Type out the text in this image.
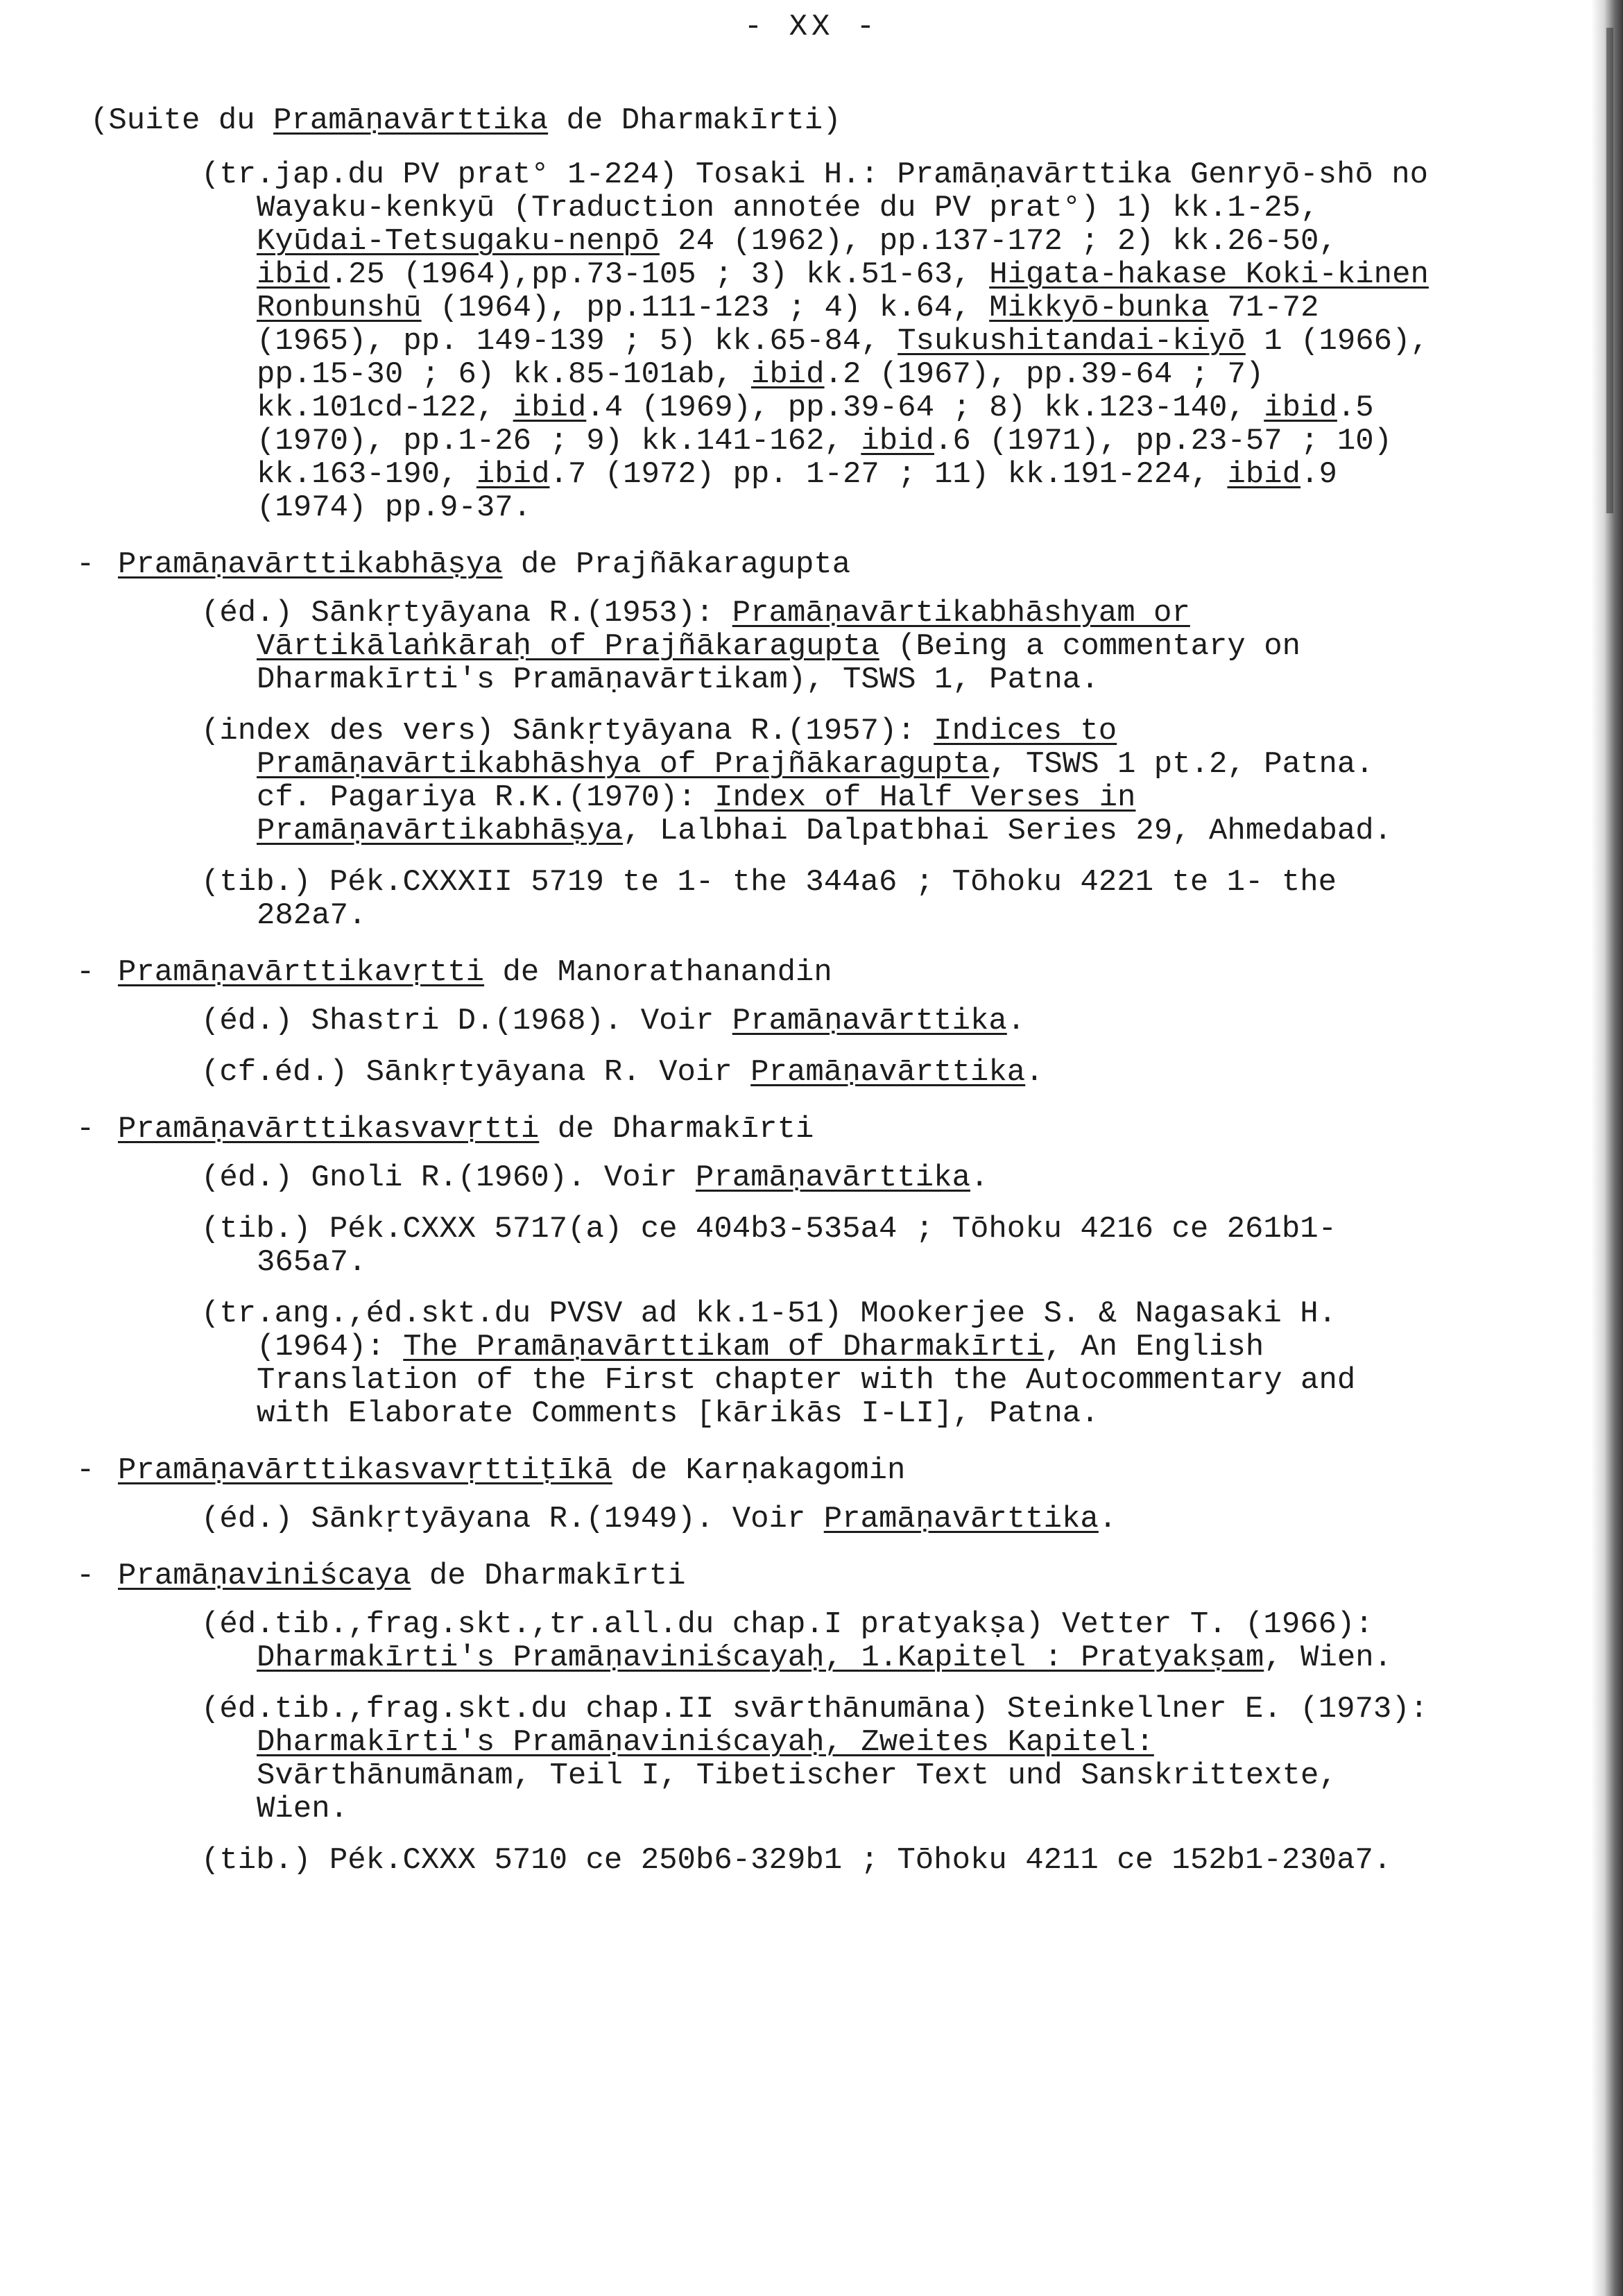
- XX -
(Suite du Pramāṇavārttika de Dharmakīrti)
(tr.jap.du PV prat° 1-224) Tosaki H.: Pramāṇavārttika Genryō-shō no Wayaku-kenkyū (Traduction annotée du PV prat°) 1) kk.1-25, Kyūdai-Tetsugaku-nenpō 24 (1962), pp.137-172 ; 2) kk.26-50, ibid.25 (1964),pp.73-105 ; 3) kk.51-63, Higata-hakase Koki-kinen Ronbunshū (1964), pp.111-123 ; 4) k.64, Mikkyō-bunka 71-72 (1965), pp. 149-139 ; 5) kk.65-84, Tsukushitandai-kiyō 1 (1966), pp.15-30 ; 6) kk.85-101ab, ibid.2 (1967), pp.39-64 ; 7) kk.101cd-122, ibid.4 (1969), pp.39-64 ; 8) kk.123-140, ibid.5 (1970), pp.1-26 ; 9) kk.141-162, ibid.6 (1971), pp.23-57 ; 10) kk.163-190, ibid.7 (1972) pp. 1-27 ; 11) kk.191-224, ibid.9 (1974) pp.9-37.
- Pramāṇavārttikabhāṣya de Prajñākaragupta
(éd.) Sānkṛtyāyana R.(1953): Pramāṇavārtikabhāshyam or Vārtikālaṅkāraḥ of Prajñākaragupta (Being a commentary on Dharmakīrti's Pramāṇavārtikam), TSWS 1, Patna.
(index des vers) Sānkṛtyāyana R.(1957): Indices to Pramāṇavārtikabhāshya of Prajñākaragupta, TSWS 1 pt.2, Patna. cf. Pagariya R.K.(1970): Index of Half Verses in Pramāṇavārtikabhāṣya, Lalbhai Dalpatbhai Series 29, Ahmedabad.
(tib.) Pék.CXXXII 5719 te 1- the 344a6 ; Tōhoku 4221 te 1- the 282a7.
- Pramāṇavārttikavṛtti de Manorathanandin
(éd.) Shastri D.(1968). Voir Pramāṇavārttika.
(cf.éd.) Sānkṛtyāyana R. Voir Pramāṇavārttika.
- Pramāṇavārttikasvavṛtti de Dharmakīrti
(éd.) Gnoli R.(1960). Voir Pramāṇavārttika.
(tib.) Pék.CXXX 5717(a) ce 404b3-535a4 ; Tōhoku 4216 ce 261b1-365a7.
(tr.ang.,éd.skt.du PVSV ad kk.1-51) Mookerjee S. & Nagasaki H.(1964): The Pramāṇavārttikam of Dharmakīrti, An English Translation of the First chapter with the Autocommentary and with Elaborate Comments [kārikās I-LI], Patna.
- Pramāṇavārttikasvavṛttiṭīkā de Karṇakagomin
(éd.) Sānkṛtyāyana R.(1949). Voir Pramāṇavārttika.
- Pramāṇaviniścaya de Dharmakīrti
(éd.tib.,frag.skt.,tr.all.du chap.I pratyakṣa) Vetter T. (1966): Dharmakīrti's Pramāṇaviniścayaḥ, 1.Kapitel : Pratyakṣam, Wien.
(éd.tib.,frag.skt.du chap.II svārthānumāna) Steinkellner E. (1973): Dharmakīrti's Pramāṇaviniścayaḥ, Zweites Kapitel: Svārthānumānam, Teil I, Tibetischer Text und Sanskrittexte, Wien.
(tib.) Pék.CXXX 5710 ce 250b6-329b1 ; Tōhoku 4211 ce 152b1-230a7.
